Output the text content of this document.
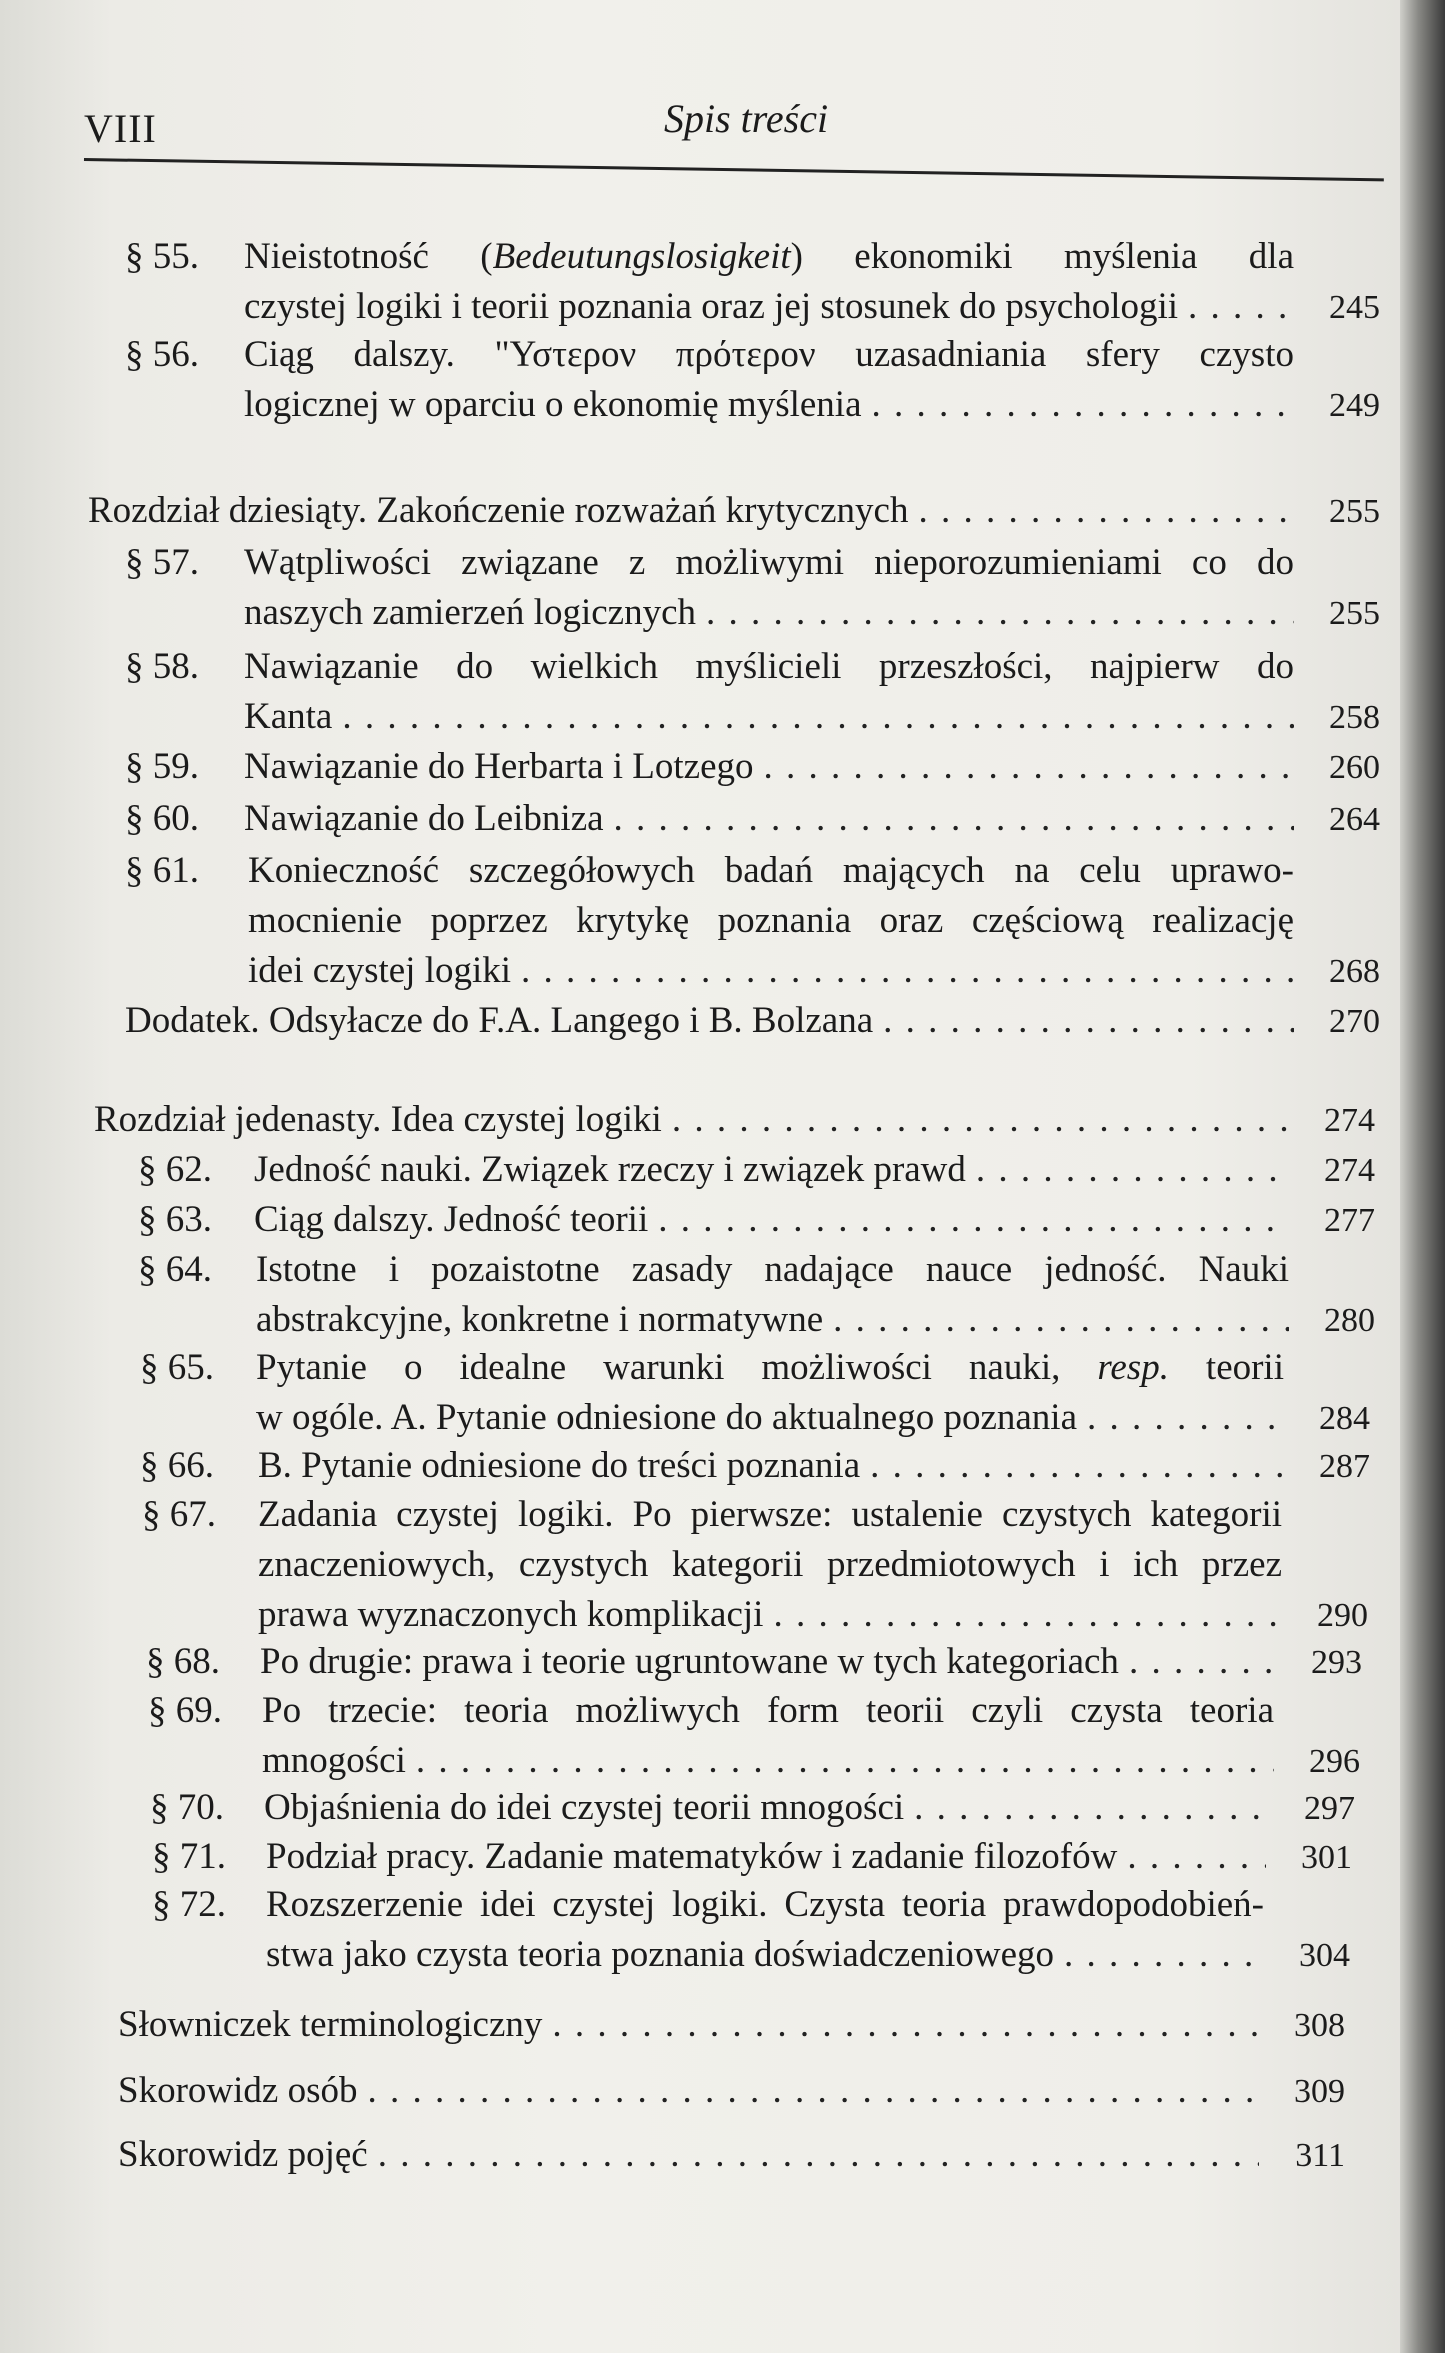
VIII	Spis treści
§ 55.	Nieistotność (Bedeutungslosigkeit) ekonomiki myślenia dla
czystej logiki i teorii poznania oraz jej stosunek do psychologii . . .	245
§ 56.	Ciąg dalszy. "Υστερον πρότερον uzasadniania sfery czysto
logicznej w oparciu o ekonomię myślenia . . .	249
Rozdział dziesiąty. Zakończenie rozważań krytycznych . . .	255
§ 57.	Wątpliwości związane z możliwymi nieporozumieniami co do
naszych zamierzeń logicznych . . .	255
§ 58.	Nawiązanie do wielkich myślicieli przeszłości, najpierw do
Kanta . . .	258
§ 59.	Nawiązanie do Herbarta i Lotzego . . .	260
§ 60.	Nawiązanie do Leibniza . . .	264
§ 61.	Konieczność szczegółowych badań mających na celu uprawo-
mocnienie poprzez krytykę poznania oraz częściową realizację
idei czystej logiki . . .	268
Dodatek. Odsyłacze do F.A. Langego i B. Bolzana . . .	270
Rozdział jedenasty. Idea czystej logiki . . .	274
§ 62.	Jedność nauki. Związek rzeczy i związek prawd . . .	274
§ 63.	Ciąg dalszy. Jedność teorii . . .	277
§ 64.	Istotne i pozaistotne zasady nadające nauce jedność. Nauki
abstrakcyjne, konkretne i normatywne . . .	280
§ 65.	Pytanie o idealne warunki możliwości nauki, resp. teorii
w ogóle. A. Pytanie odniesione do aktualnego poznania . . .	284
§ 66.	B. Pytanie odniesione do treści poznania . . .	287
§ 67.	Zadania czystej logiki. Po pierwsze: ustalenie czystych kategorii
znaczeniowych, czystych kategorii przedmiotowych i ich przez
prawa wyznaczonych komplikacji . . .	290
§ 68.	Po drugie: prawa i teorie ugruntowane w tych kategoriach . . .	293
§ 69.	Po trzecie: teoria możliwych form teorii czyli czysta teoria
mnogości . . .	296
§ 70.	Objaśnienia do idei czystej teorii mnogości . . .	297
§ 71.	Podział pracy. Zadanie matematyków i zadanie filozofów . . .	301
§ 72.	Rozszerzenie idei czystej logiki. Czysta teoria prawdopodobień-
stwa jako czysta teoria poznania doświadczeniowego . . .	304
Słowniczek terminologiczny . . .	308
Skorowidz osób . . .	309
Skorowidz pojęć . . .	311
